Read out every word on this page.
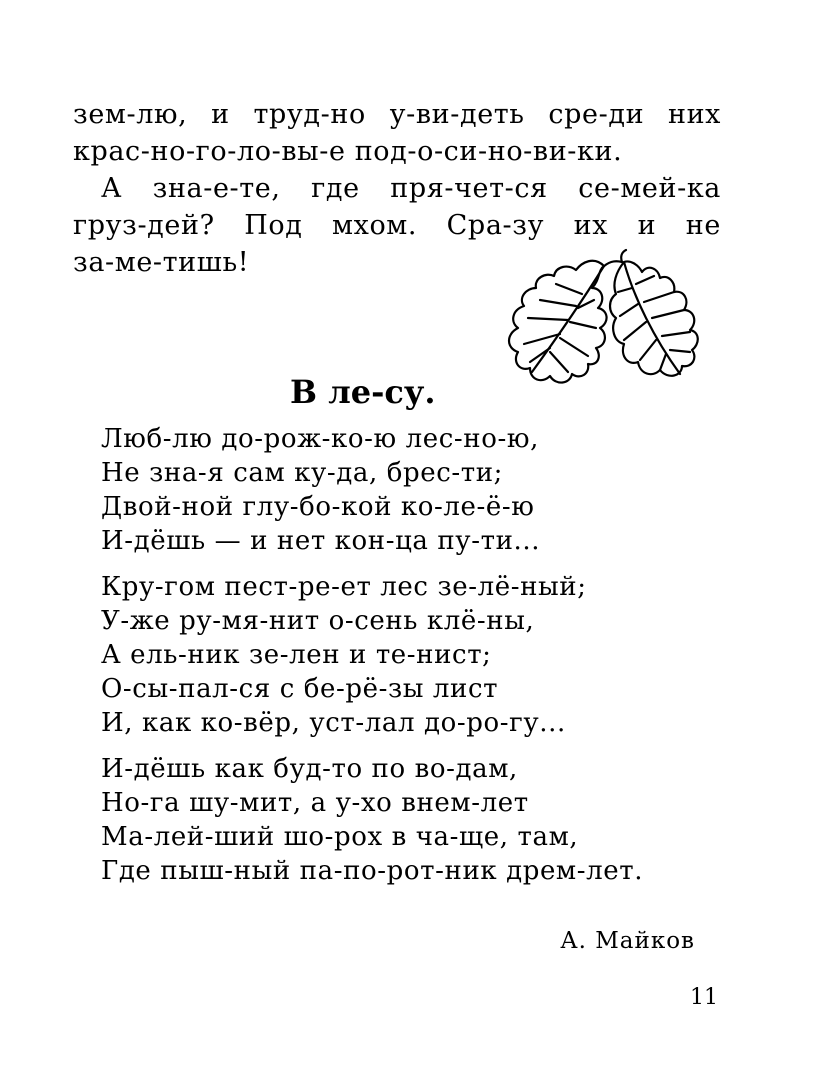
зем-лю, и труд-но у-ви-деть сре-ди них
крас-но-го-ло-вы-е под-о-си-но-ви-ки.
А зна-е-те, где пря-чет-ся се-мей-ка
груз-дей? Под мхом. Сра-зу их и не
за-ме-тишь!
В ле-су.
Люб-лю до-рож-ко-ю лес-но-ю,
Не зна-я сам ку-да, брес-ти;
Двой-ной глу-бо-кой ко-ле-ё-ю
И-дёшь — и нет кон-ца пу-ти...
Кру-гом пест-ре-ет лес зе-лё-ный;
У-же ру-мя-нит о-сень клё-ны,
А ель-ник зе-лен и те-нист;
О-сы-пал-ся с бе-рё-зы лист
И, как ко-вёр, уст-лал до-ро-гу...
И-дёшь как буд-то по во-дам,
Но-га шу-мит, а у-хо внем-лет
Ма-лей-ший шо-рох в ча-ще, там,
Где пыш-ный па-по-рот-ник дрем-лет.
А. Майков
11
